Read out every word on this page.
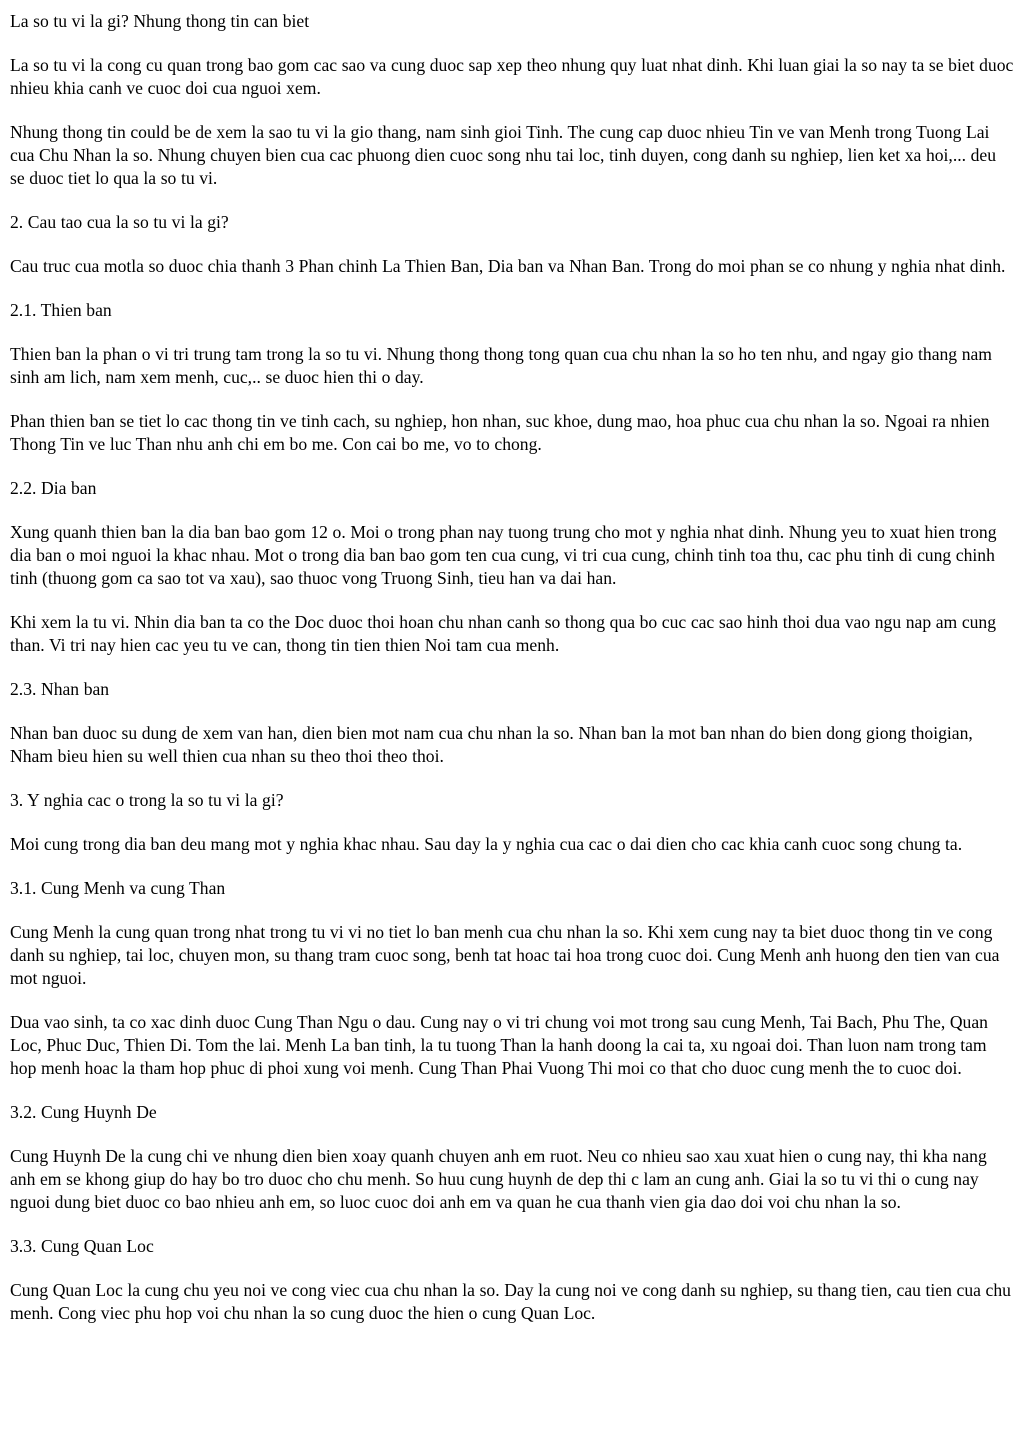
La so tu vi la gi? Nhung thong tin can biet
La so tu vi la cong cu quan trong bao gom cac sao va cung duoc sap xep theo nhung quy luat nhat dinh. Khi luan giai la so nay ta se biet duoc nhieu khia canh ve cuoc doi cua nguoi xem.
Nhung thong tin could be de xem la sao tu vi la gio thang, nam sinh gioi Tinh. The cung cap duoc nhieu Tin ve van Menh trong Tuong Lai cua Chu Nhan la so. Nhung chuyen bien cua cac phuong dien cuoc song nhu tai loc, tinh duyen, cong danh su nghiep, lien ket xa hoi,... deu se duoc tiet lo qua la so tu vi.
2. Cau tao cua la so tu vi la gi?
Cau truc cua motla so duoc chia thanh 3 Phan chinh La Thien Ban, Dia ban va Nhan Ban. Trong do moi phan se co nhung y nghia nhat dinh.
2.1. Thien ban
Thien ban la phan o vi tri trung tam trong la so tu vi. Nhung thong thong tong quan cua chu nhan la so ho ten nhu, and ngay gio thang nam sinh am lich, nam xem menh, cuc,.. se duoc hien thi o day.
Phan thien ban se tiet lo cac thong tin ve tinh cach, su nghiep, hon nhan, suc khoe, dung mao, hoa phuc cua chu nhan la so. Ngoai ra nhien Thong Tin ve luc Than nhu anh chi em bo me. Con cai bo me, vo to chong.
2.2. Dia ban
Xung quanh thien ban la dia ban bao gom 12 o. Moi o trong phan nay tuong trung cho mot y nghia nhat dinh. Nhung yeu to xuat hien trong dia ban o moi nguoi la khac nhau. Mot o trong dia ban bao gom ten cua cung, vi tri cua cung, chinh tinh toa thu, cac phu tinh di cung chinh tinh (thuong gom ca sao tot va xau), sao thuoc vong Truong Sinh, tieu han va dai han.
Khi xem la tu vi. Nhin dia ban ta co the Doc duoc thoi hoan chu nhan canh so thong qua bo cuc cac sao hinh thoi dua vao ngu nap am cung than. Vi tri nay hien cac yeu tu ve can, thong tin tien thien Noi tam cua menh.
2.3. Nhan ban
Nhan ban duoc su dung de xem van han, dien bien mot nam cua chu nhan la so. Nhan ban la mot ban nhan do bien dong giong thoigian, Nham bieu hien su well thien cua nhan su theo thoi theo thoi.
3. Y nghia cac o trong la so tu vi la gi?
Moi cung trong dia ban deu mang mot y nghia khac nhau. Sau day la y nghia cua cac o dai dien cho cac khia canh cuoc song chung ta.
3.1. Cung Menh va cung Than
Cung Menh la cung quan trong nhat trong tu vi vi no tiet lo ban menh cua chu nhan la so. Khi xem cung nay ta biet duoc thong tin ve cong danh su nghiep, tai loc, chuyen mon, su thang tram cuoc song, benh tat hoac tai hoa trong cuoc doi. Cung Menh anh huong den tien van cua mot nguoi.
Dua vao sinh, ta co xac dinh duoc Cung Than Ngu o dau. Cung nay o vi tri chung voi mot trong sau cung Menh, Tai Bach, Phu The, Quan Loc, Phuc Duc, Thien Di. Tom the lai. Menh La ban tinh, la tu tuong Than la hanh doong la cai ta, xu ngoai doi. Than luon nam trong tam hop menh hoac la tham hop phuc di phoi xung voi menh. Cung Than Phai Vuong Thi moi co that cho duoc cung menh the to cuoc doi.
3.2. Cung Huynh De
Cung Huynh De la cung chi ve nhung dien bien xoay quanh chuyen anh em ruot. Neu co nhieu sao xau xuat hien o cung nay, thi kha nang anh em se khong giup do hay bo tro duoc cho chu menh. So huu cung huynh de dep thi c lam an cung anh. Giai la so tu vi thi o cung nay nguoi dung biet duoc co bao nhieu anh em, so luoc cuoc doi anh em va quan he cua thanh vien gia dao doi voi chu nhan la so.
3.3. Cung Quan Loc
Cung Quan Loc la cung chu yeu noi ve cong viec cua chu nhan la so. Day la cung noi ve cong danh su nghiep, su thang tien, cau tien cua chu menh. Cong viec phu hop voi chu nhan la so cung duoc the hien o cung Quan Loc.
